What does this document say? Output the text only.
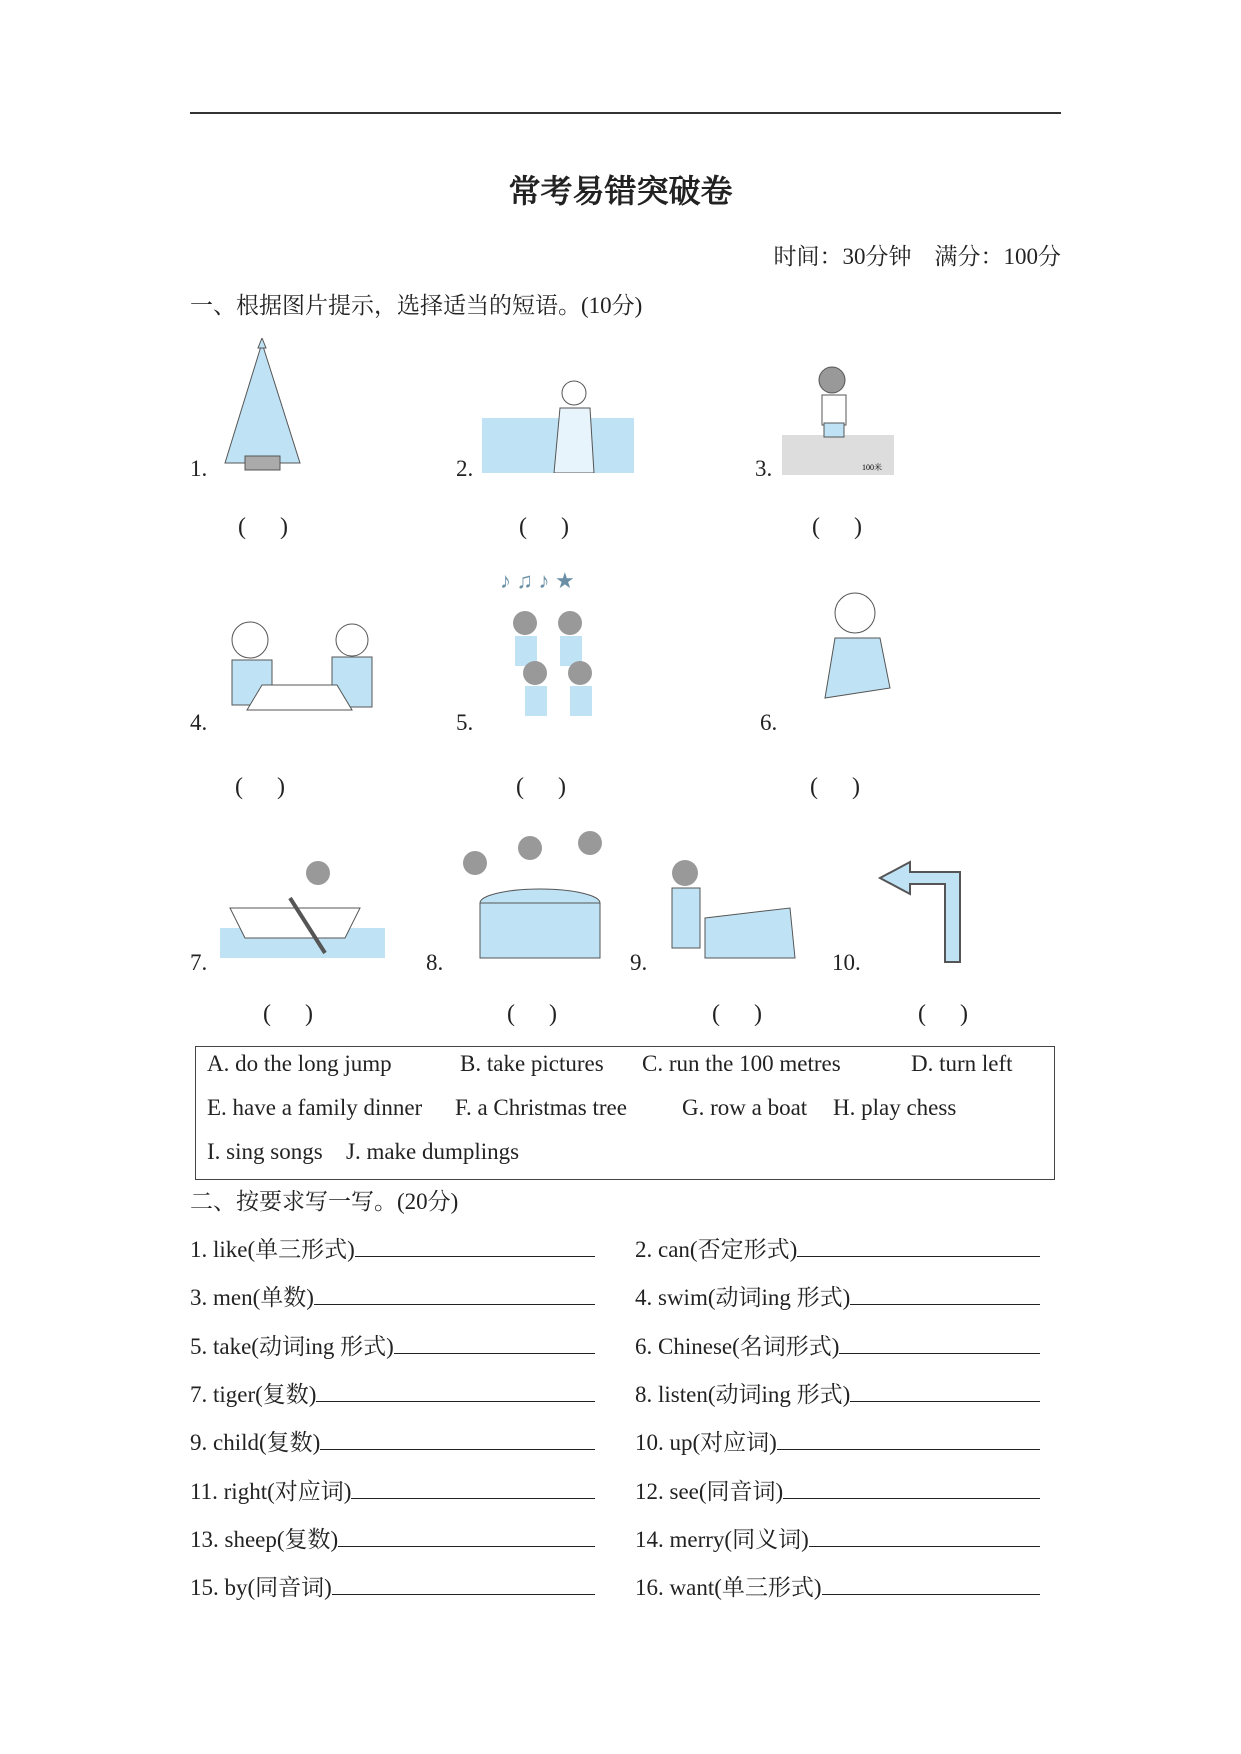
常考易错突破卷
时间：30分钟　满分：100分
一、根据图片提示，选择适当的短语。(10分)
100米
1.	2.	3.
( )	( )	( )
♪ ♫ ♪ ★
4.	5.	6.
( )	( )	( )
7.	8.	9.	10.
( )	( )	( )	( )
A. do the long jump	B. take pictures C. run the 100 metres	D. turn left
E. have a family dinner F. a Christmas tree G. row a boat H. play chess
I. sing songs J. make dumplings
二、按要求写一写。(20分)
1. like(单三形式)	2. can(否定形式)
3. men(单数)	4. swim(动词ing 形式)
5. take(动词ing 形式)	6. Chinese(名词形式)
7. tiger(复数)	8. listen(动词ing 形式)
9. child(复数)	10. up(对应词)
11. right(对应词)	12. see(同音词)
13. sheep(复数)	14. merry(同义词)
15. by(同音词)	16. want(单三形式)
